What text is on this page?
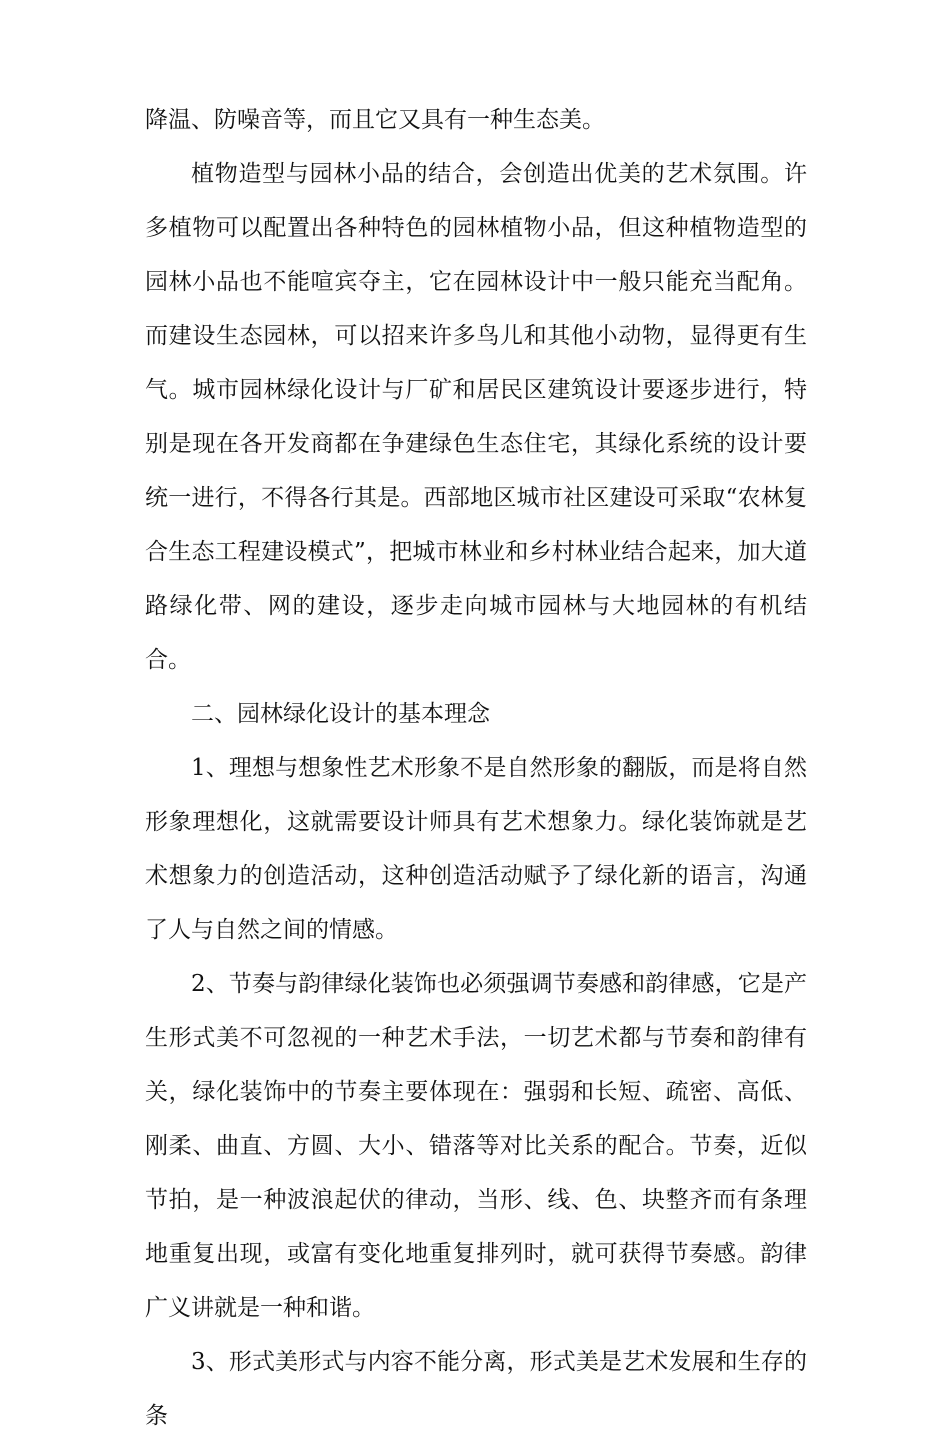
降温、防噪音等，而且它又具有一种生态美。

植物造型与园林小品的结合，会创造出优美的艺术氛围。许多植物可以配置出各种特色的园林植物小品，但这种植物造型的园林小品也不能喧宾夺主，它在园林设计中一般只能充当配角。而建设生态园林，可以招来许多鸟儿和其他小动物，显得更有生气。城市园林绿化设计与厂矿和居民区建筑设计要逐步进行，特别是现在各开发商都在争建绿色生态住宅，其绿化系统的设计要统一进行，不得各行其是。西部地区城市社区建设可采取“农林复合生态工程建设模式”，把城市林业和乡村林业结合起来，加大道路绿化带、网的建设，逐步走向城市园林与大地园林的有机结合。

二、园林绿化设计的基本理念

1、理想与想象性艺术形象不是自然形象的翻版，而是将自然形象理想化，这就需要设计师具有艺术想象力。绿化装饰就是艺术想象力的创造活动，这种创造活动赋予了绿化新的语言，沟通了人与自然之间的情感。

2、节奏与韵律绿化装饰也必须强调节奏感和韵律感，它是产生形式美不可忽视的一种艺术手法，一切艺术都与节奏和韵律有关，绿化装饰中的节奏主要体现在：强弱和长短、疏密、高低、刚柔、曲直、方圆、大小、错落等对比关系的配合。节奏，近似节拍，是一种波浪起伏的律动，当形、线、色、块整齐而有条理地重复出现，或富有变化地重复排列时，就可获得节奏感。韵律广义讲就是一种和谐。

3、形式美形式与内容不能分离，形式美是艺术发展和生存的条
